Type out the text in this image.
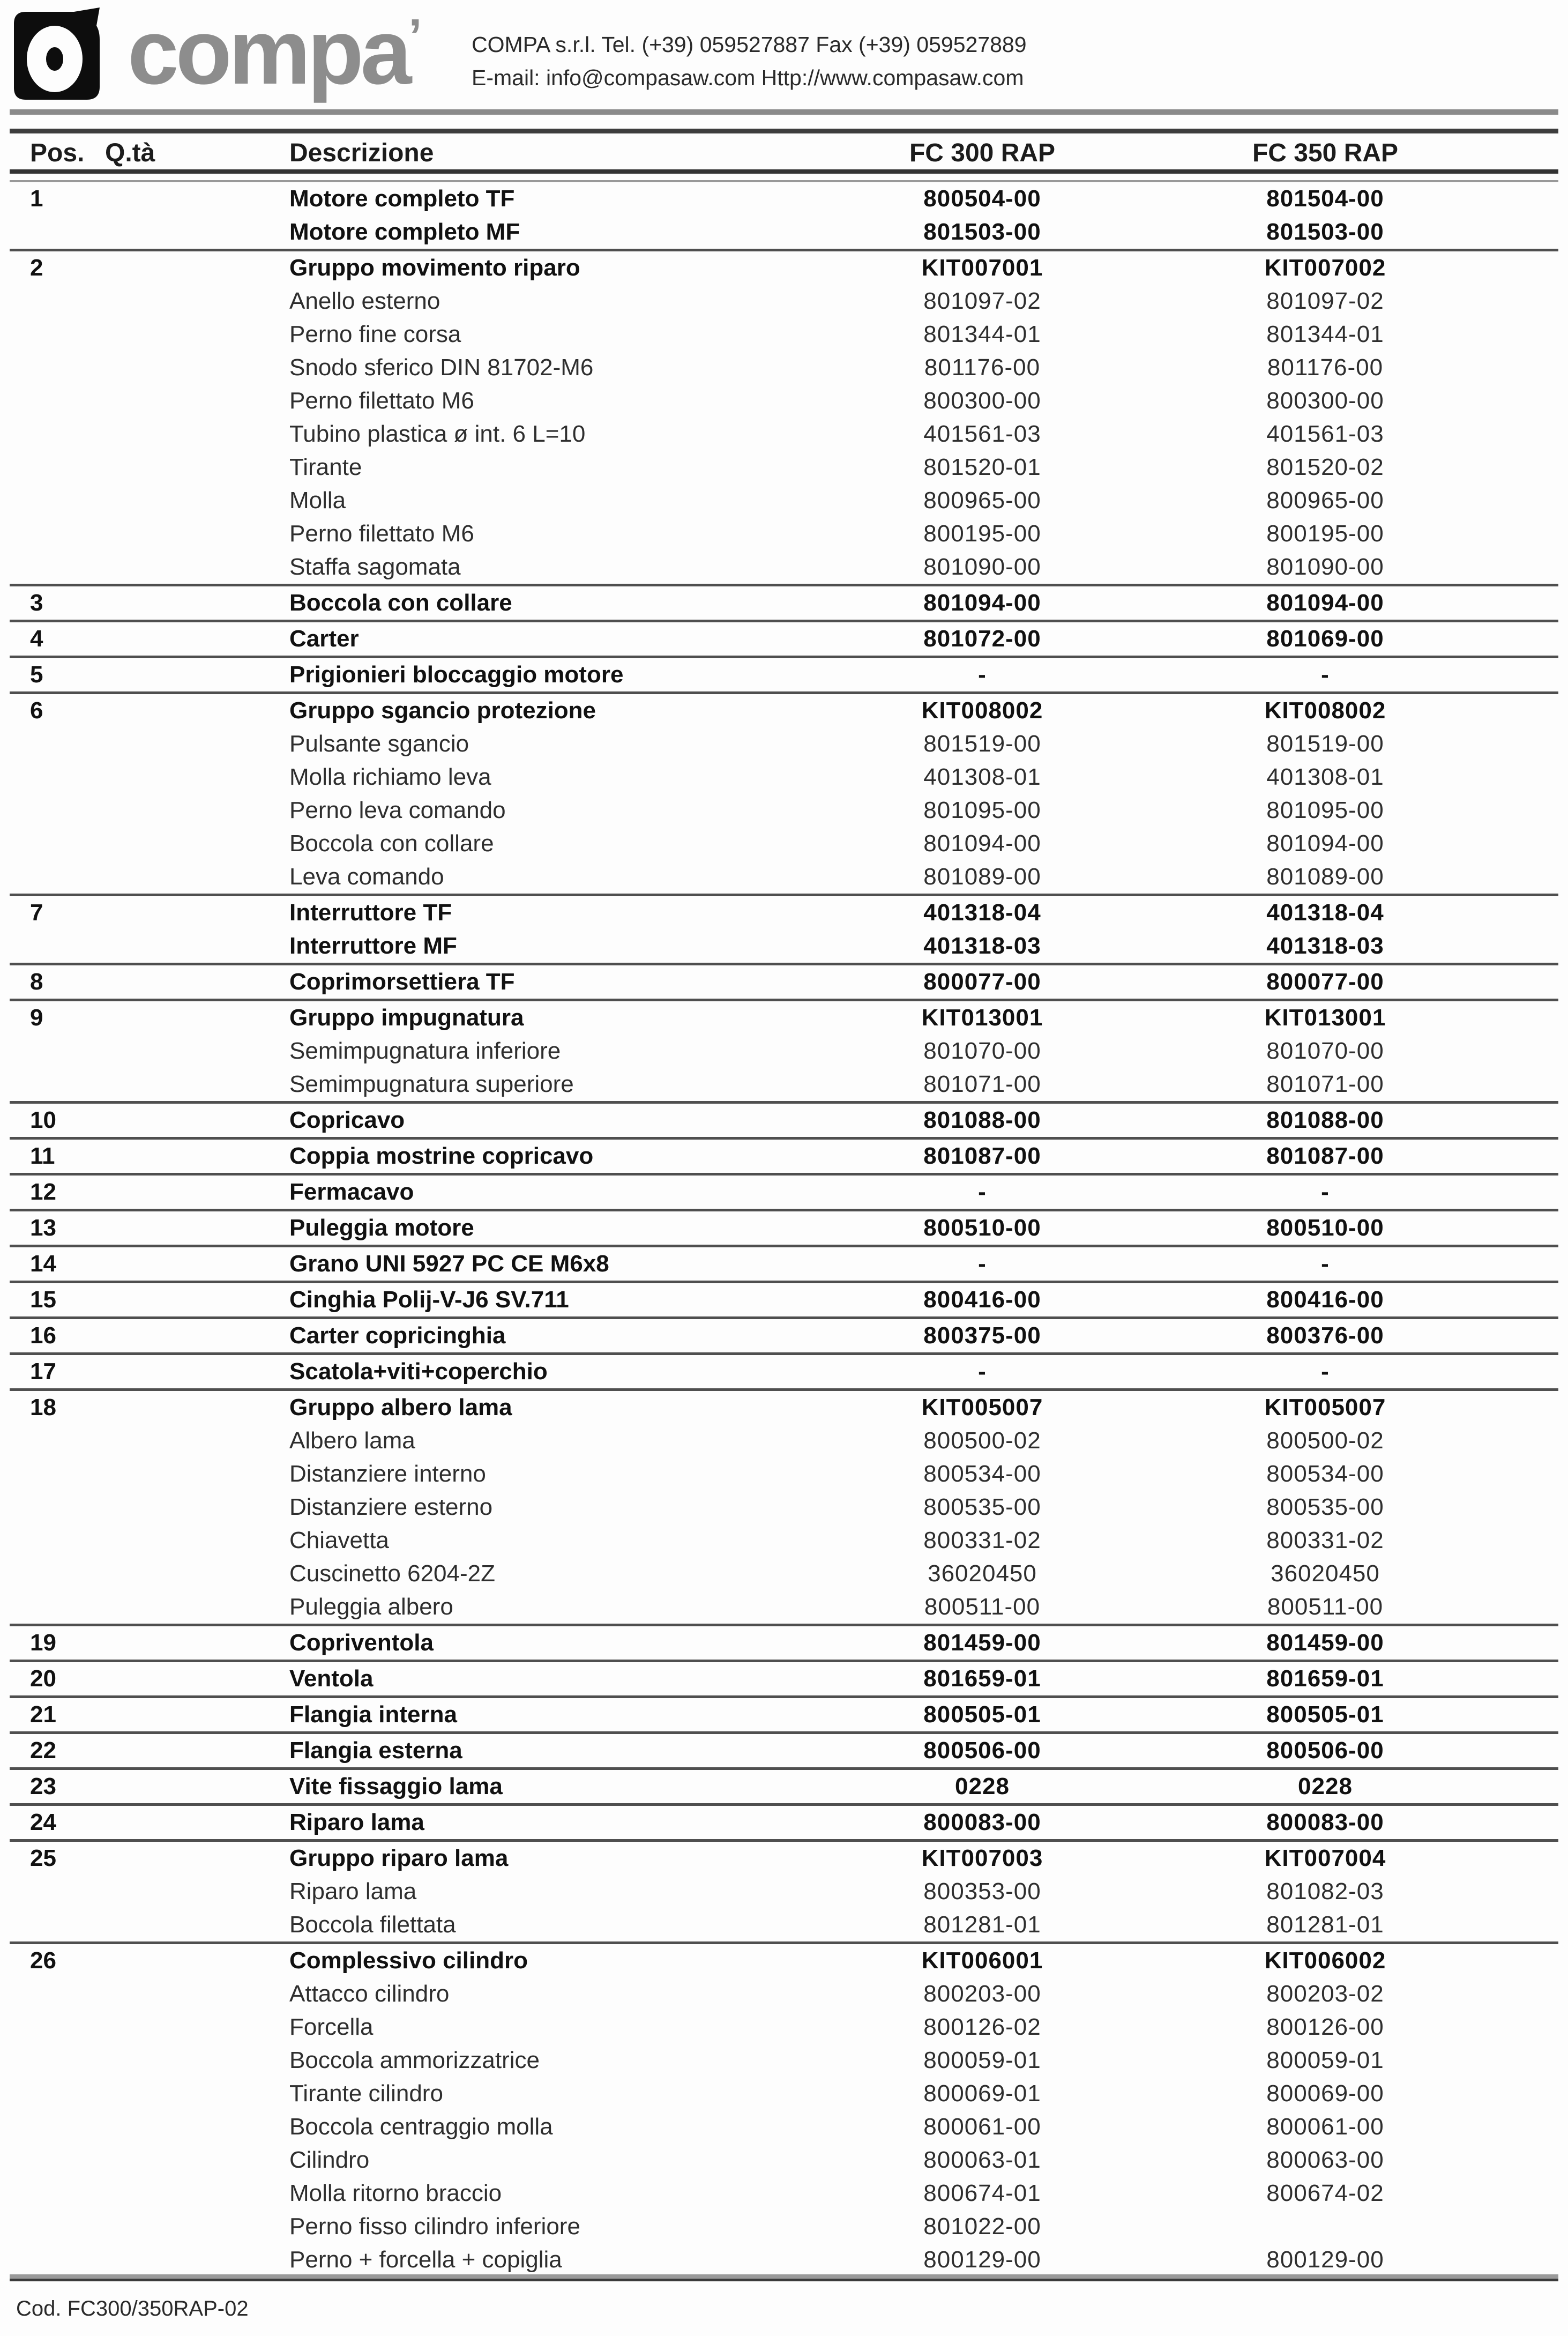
compa’ COMPA s.r.l. Tel. (+39) 059527887 Fax (+39) 059527889
E-mail: info@compasaw.com Http://www.compasaw.com
Pos. Q.tà	Descrizione	FC 300 RAP	FC 350 RAP
1	Motore completo TF	800504-00	801504-00
Motore completo MF	801503-00	801503-00
2	Gruppo movimento riparo	KIT007001	KIT007002
Anello esterno	801097-02	801097-02
Perno fine corsa	801344-01	801344-01
Snodo sferico DIN 81702-M6	801176-00	801176-00
Perno filettato M6	800300-00	800300-00
Tubino plastica ø int. 6 L=10	401561-03	401561-03
Tirante	801520-01	801520-02
Molla	800965-00	800965-00
Perno filettato M6	800195-00	800195-00
Staffa sagomata	801090-00	801090-00
3	Boccola con collare	801094-00	801094-00
4	Carter	801072-00	801069-00
5	Prigionieri bloccaggio motore	-	-
6	Gruppo sgancio protezione	KIT008002	KIT008002
Pulsante sgancio	801519-00	801519-00
Molla richiamo leva	401308-01	401308-01
Perno leva comando	801095-00	801095-00
Boccola con collare	801094-00	801094-00
Leva comando	801089-00	801089-00
7	Interruttore TF	401318-04	401318-04
Interruttore MF	401318-03	401318-03
8	Coprimorsettiera TF	800077-00	800077-00
9	Gruppo impugnatura	KIT013001	KIT013001
Semimpugnatura inferiore	801070-00	801070-00
Semimpugnatura superiore	801071-00	801071-00
10	Copricavo	801088-00	801088-00
11	Coppia mostrine copricavo	801087-00	801087-00
12	Fermacavo	-	-
13	Puleggia motore	800510-00	800510-00
14	Grano UNI 5927 PC CE M6x8	-	-
15	Cinghia Polij-V-J6 SV.711	800416-00	800416-00
16	Carter copricinghia	800375-00	800376-00
17	Scatola+viti+coperchio	-	-
18	Gruppo albero lama	KIT005007	KIT005007
Albero lama	800500-02	800500-02
Distanziere interno	800534-00	800534-00
Distanziere esterno	800535-00	800535-00
Chiavetta	800331-02	800331-02
Cuscinetto 6204-2Z	36020450	36020450
Puleggia albero	800511-00	800511-00
19	Copriventola	801459-00	801459-00
20	Ventola	801659-01	801659-01
21	Flangia interna	800505-01	800505-01
22	Flangia esterna	800506-00	800506-00
23	Vite fissaggio lama	0228	0228
24	Riparo lama	800083-00	800083-00
25	Gruppo riparo lama	KIT007003	KIT007004
Riparo lama	800353-00	801082-03
Boccola filettata	801281-01	801281-01
26	Complessivo cilindro	KIT006001	KIT006002
Attacco cilindro	800203-00	800203-02
Forcella	800126-02	800126-00
Boccola ammorizzatrice	800059-01	800059-01
Tirante cilindro	800069-01	800069-00
Boccola centraggio molla	800061-00	800061-00
Cilindro	800063-01	800063-00
Molla ritorno braccio	800674-01	800674-02
Perno fisso cilindro inferiore	801022-00
Perno + forcella + copiglia	800129-00	800129-00
Cod. FC300/350RAP-02
